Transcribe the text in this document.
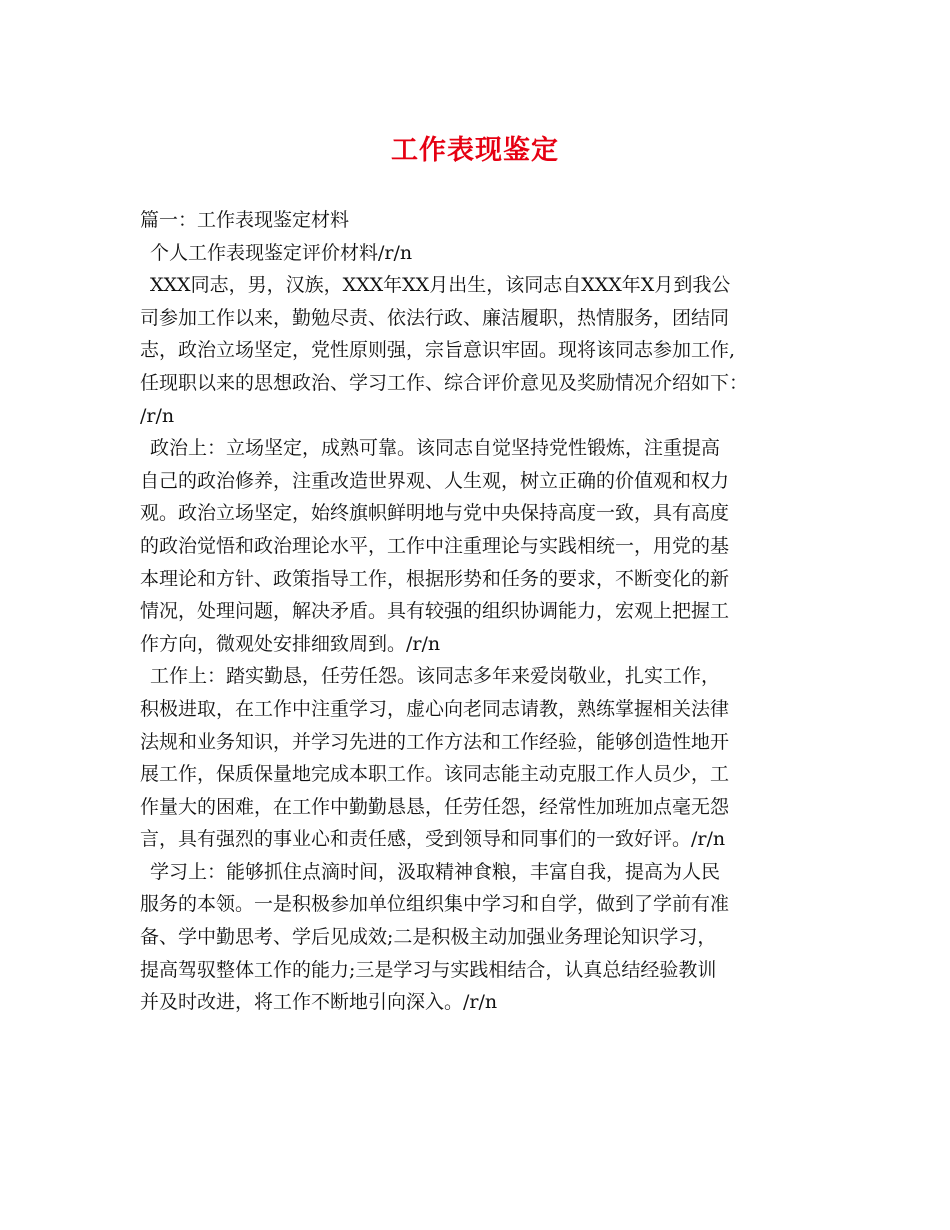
工作表现鉴定
篇一：工作表现鉴定材料
个人工作表现鉴定评价材料/r/n
XXX同志，男，汉族，XXX年XX月出生，该同志自XXX年X月到我公
司参加工作以来，勤勉尽责、依法行政、廉洁履职，热情服务，团结同
志，政治立场坚定，党性原则强，宗旨意识牢固。现将该同志参加工作,
任现职以来的思想政治、学习工作、综合评价意见及奖励情况介绍如下：
/r/n
政治上：立场坚定，成熟可靠。该同志自觉坚持党性锻炼，注重提高
自己的政治修养，注重改造世界观、人生观，树立正确的价值观和权力
观。政治立场坚定，始终旗帜鲜明地与党中央保持高度一致，具有高度
的政治觉悟和政治理论水平，工作中注重理论与实践相统一，用党的基
本理论和方针、政策指导工作，根据形势和任务的要求，不断变化的新
情况，处理问题，解决矛盾。具有较强的组织协调能力，宏观上把握工
作方向，微观处安排细致周到。/r/n
工作上：踏实勤恳，任劳任怨。该同志多年来爱岗敬业，扎实工作，
积极进取，在工作中注重学习，虚心向老同志请教，熟练掌握相关法律
法规和业务知识，并学习先进的工作方法和工作经验，能够创造性地开
展工作，保质保量地完成本职工作。该同志能主动克服工作人员少，工
作量大的困难，在工作中勤勤恳恳，任劳任怨，经常性加班加点毫无怨
言，具有强烈的事业心和责任感，受到领导和同事们的一致好评。/r/n
学习上：能够抓住点滴时间，汲取精神食粮，丰富自我，提高为人民
服务的本领。一是积极参加单位组织集中学习和自学，做到了学前有准
备、学中勤思考、学后见成效;二是积极主动加强业务理论知识学习，
提高驾驭整体工作的能力;三是学习与实践相结合，认真总结经验教训
并及时改进，将工作不断地引向深入。/r/n
